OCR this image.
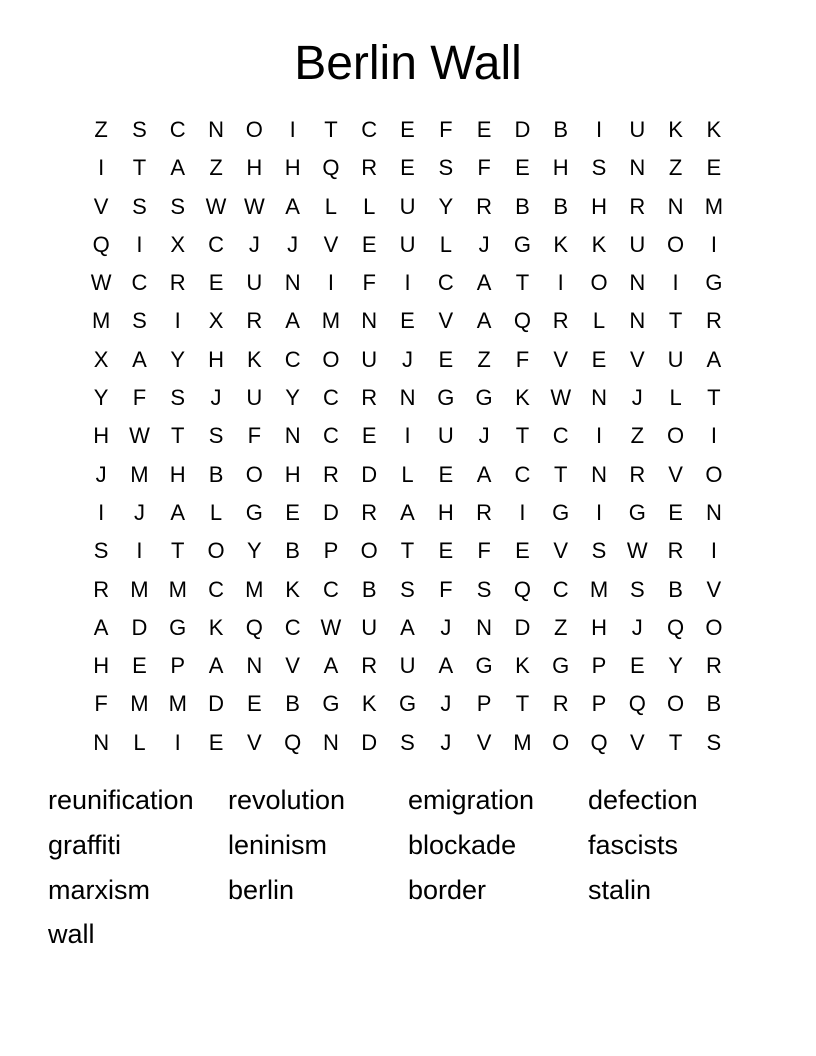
Berlin Wall
Z	S	C	N O	I	T	C	E	F	E	D	B	I	U	K	K
I	T	A	Z	H	H Q R	E	S	F	E	H	S	N	Z	E
V	S	S W W A	L	L	U	Y	R	B	B	H	R	N M
Q	I	X	C	J	J	V	E	U	L	J	G	K	K	U O	I
W C	R	E	U	N	I	F	I	C	A	T	I	O N	I	G
M S	I	X	R	A M N	E	V	A	Q R	L	N	T	R
X	A	Y	H	K	C O U	J	E	Z	F	V	E	V	U	A
Y	F	S	J	U	Y	C	R	N G G	K W N	J	L	T
H W T	S	F	N	C	E	I	U	J	T	C	I	Z	O	I
J	M H	B	O H	R	D	L	E	A	C	T	N	R	V	O
I	J	A	L	G	E	D	R	A	H	R	I	G	I	G	E	N
S	I	T	O	Y	B	P	O	T	E	F	E	V	S W R	I
R M M C M K	C	B	S	F	S	Q C M S	B	V
A	D G	K	Q C W U	A	J	N	D	Z	H	J	Q O
H	E	P	A	N	V	A	R	U	A	G	K	G	P	E	Y	R
F	M M D	E	B	G	K	G	J	P	T	R	P	Q O	B
N	L	I	E	V	Q N	D	S	J	V M O Q	V	T	S
reunification	revolution	emigration	defection
graffiti	leninism	blockade	fascists
marxism	berlin	border	stalin
wall
